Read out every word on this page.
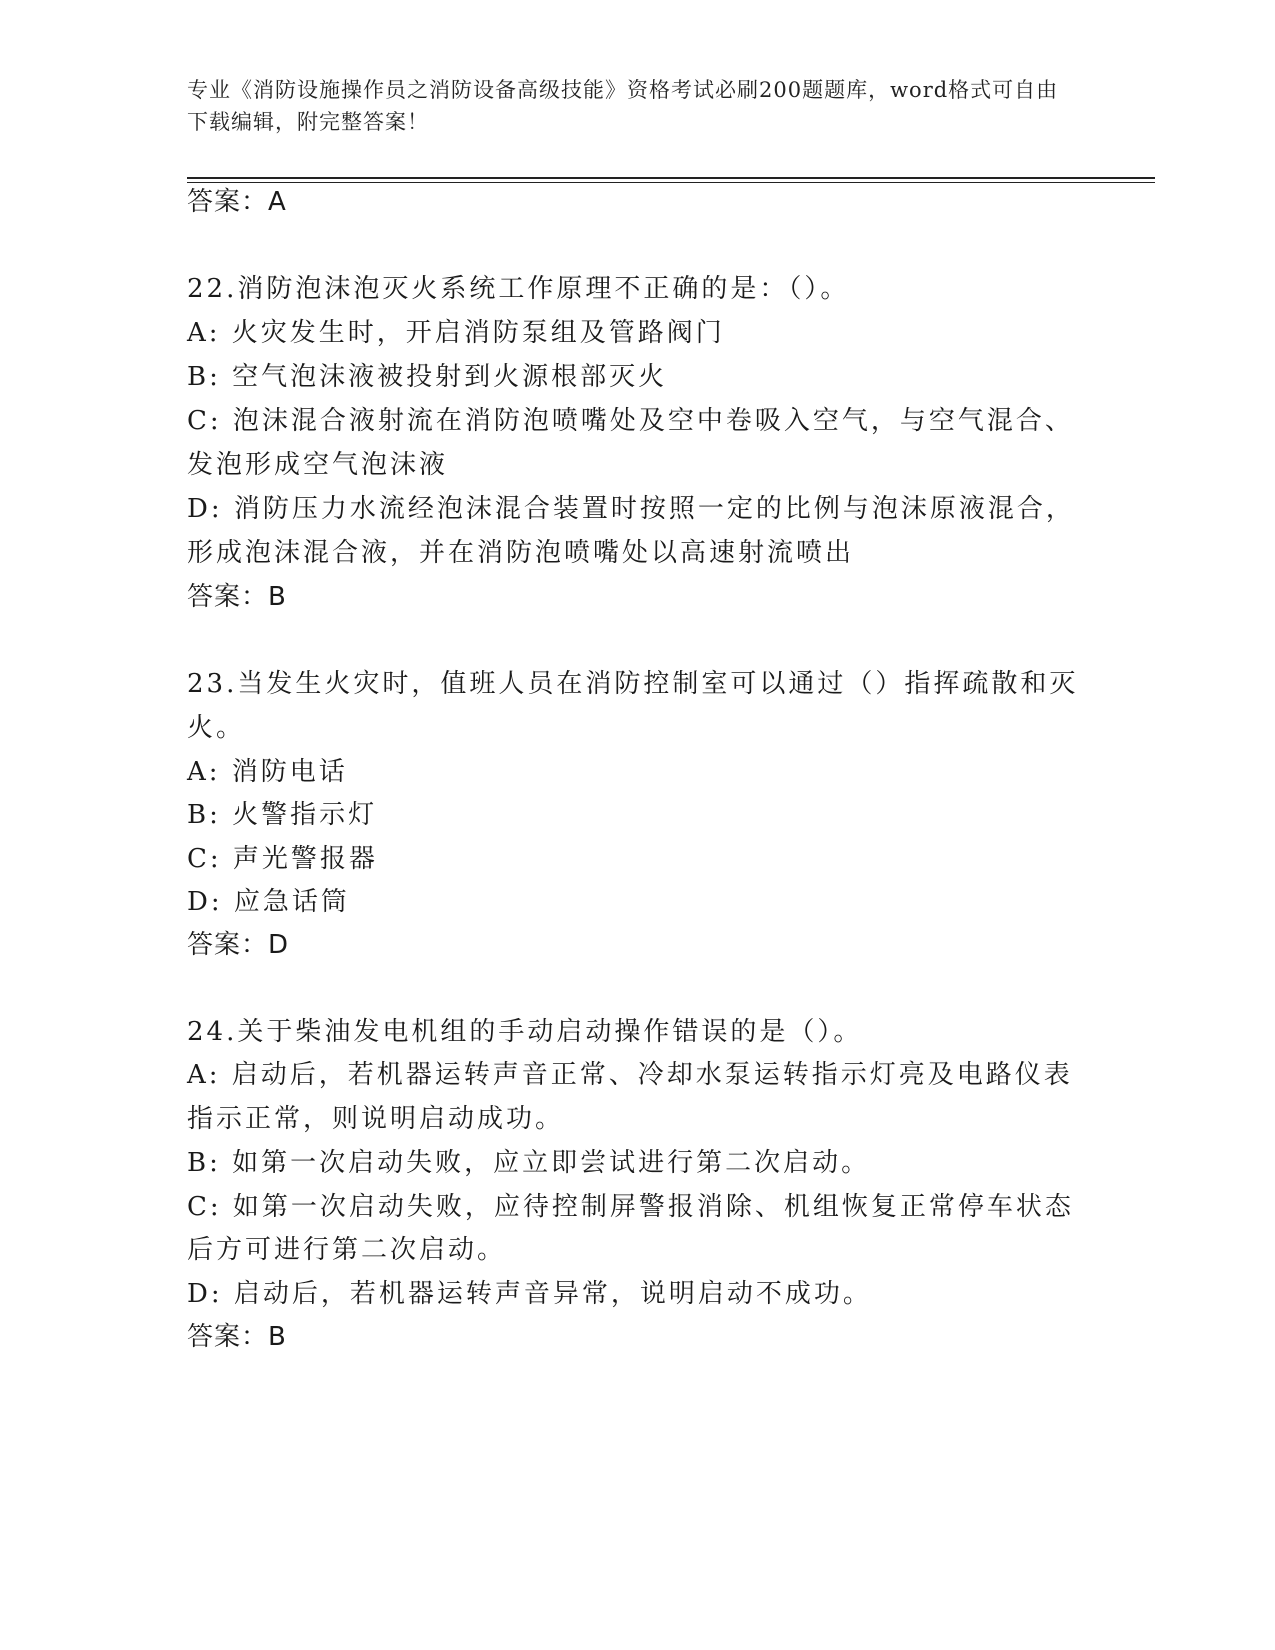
专业《消防设施操作员之消防设备高级技能》资格考试必刷200题题库，word格式可自由下载编辑，附完整答案！
答案：A
22.消防泡沫泡灭火系统工作原理不正确的是：（）。
A: 火灾发生时，开启消防泵组及管路阀门
B: 空气泡沫液被投射到火源根部灭火
C: 泡沫混合液射流在消防泡喷嘴处及空中卷吸入空气，与空气混合、
发泡形成空气泡沫液
D: 消防压力水流经泡沫混合装置时按照一定的比例与泡沫原液混合，
形成泡沫混合液，并在消防泡喷嘴处以高速射流喷出
答案：B
23.当发生火灾时，值班人员在消防控制室可以通过（）指挥疏散和灭
火。
A: 消防电话
B: 火警指示灯
C: 声光警报器
D: 应急话筒
答案：D
24.关于柴油发电机组的手动启动操作错误的是（）。
A: 启动后，若机器运转声音正常、冷却水泵运转指示灯亮及电路仪表
指示正常，则说明启动成功。
B: 如第一次启动失败，应立即尝试进行第二次启动。
C: 如第一次启动失败，应待控制屏警报消除、机组恢复正常停车状态
后方可进行第二次启动。
D: 启动后，若机器运转声音异常，说明启动不成功。
答案：B
